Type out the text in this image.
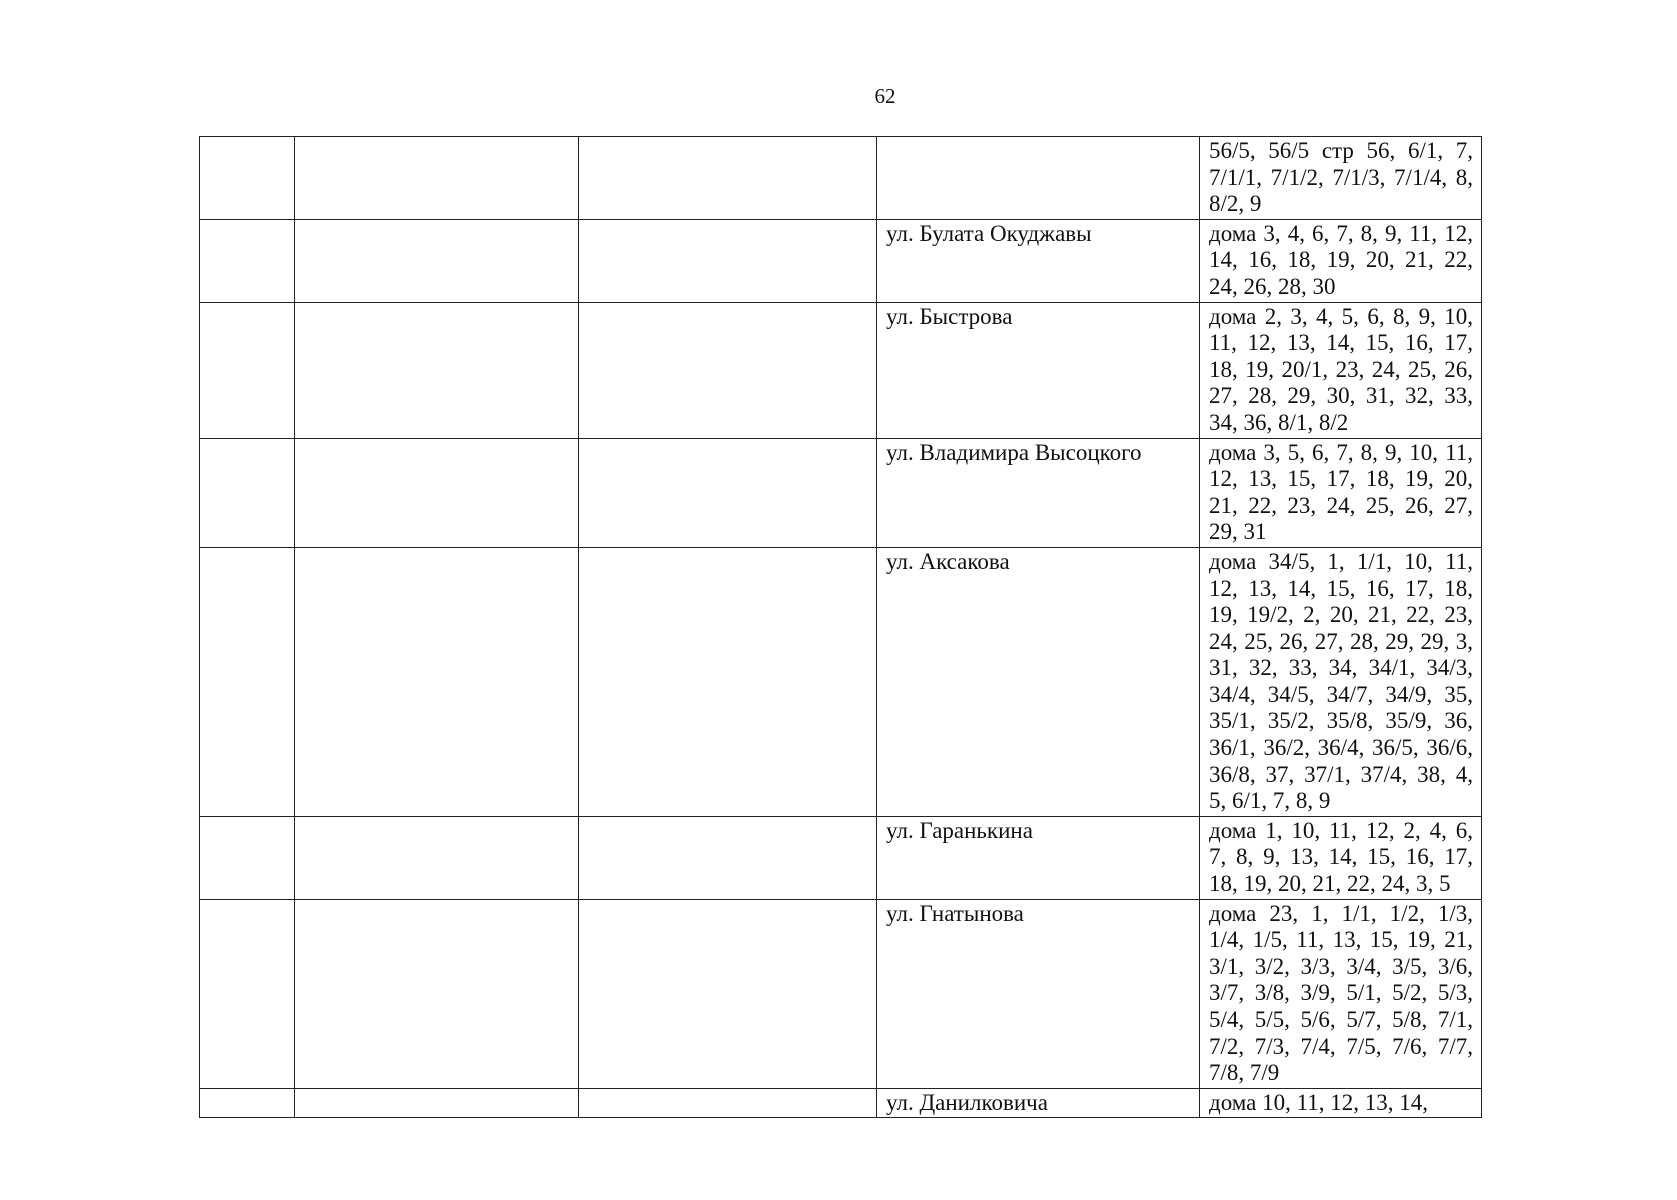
62
				56/5, 56/5 стр 56, 6/1, 7, 7/1/1, 7/1/2, 7/1/3, 7/1/4, 8, 8/2, 9
			ул. Булата Окуджавы	дома 3, 4, 6, 7, 8, 9, 11, 12, 14, 16, 18, 19, 20, 21, 22, 24, 26, 28, 30
			ул. Быстрова	дома 2, 3, 4, 5, 6, 8, 9, 10, 11, 12, 13, 14, 15, 16, 17, 18, 19, 20/1, 23, 24, 25, 26, 27, 28, 29, 30, 31, 32, 33, 34, 36, 8/1, 8/2
			ул. Владимира Высоцкого	дома 3, 5, 6, 7, 8, 9, 10, 11, 12, 13, 15, 17, 18, 19, 20, 21, 22, 23, 24, 25, 26, 27, 29, 31
			ул. Аксакова	дома 34/5, 1, 1/1, 10, 11, 12, 13, 14, 15, 16, 17, 18, 19, 19/2, 2, 20, 21, 22, 23, 24, 25, 26, 27, 28, 29, 29, 3, 31, 32, 33, 34, 34/1, 34/3, 34/4, 34/5, 34/7, 34/9, 35, 35/1, 35/2, 35/8, 35/9, 36, 36/1, 36/2, 36/4, 36/5, 36/6, 36/8, 37, 37/1, 37/4, 38, 4, 5, 6/1, 7, 8, 9
			ул. Гаранькина	дома 1, 10, 11, 12, 2, 4, 6, 7, 8, 9, 13, 14, 15, 16, 17, 18, 19, 20, 21, 22, 24, 3, 5
			ул. Гнатынова	дома 23, 1, 1/1, 1/2, 1/3, 1/4, 1/5, 11, 13, 15, 19, 21, 3/1, 3/2, 3/3, 3/4, 3/5, 3/6, 3/7, 3/8, 3/9, 5/1, 5/2, 5/3, 5/4, 5/5, 5/6, 5/7, 5/8, 7/1, 7/2, 7/3, 7/4, 7/5, 7/6, 7/7, 7/8, 7/9
			ул. Данилковича	дома 10, 11, 12, 13, 14,
